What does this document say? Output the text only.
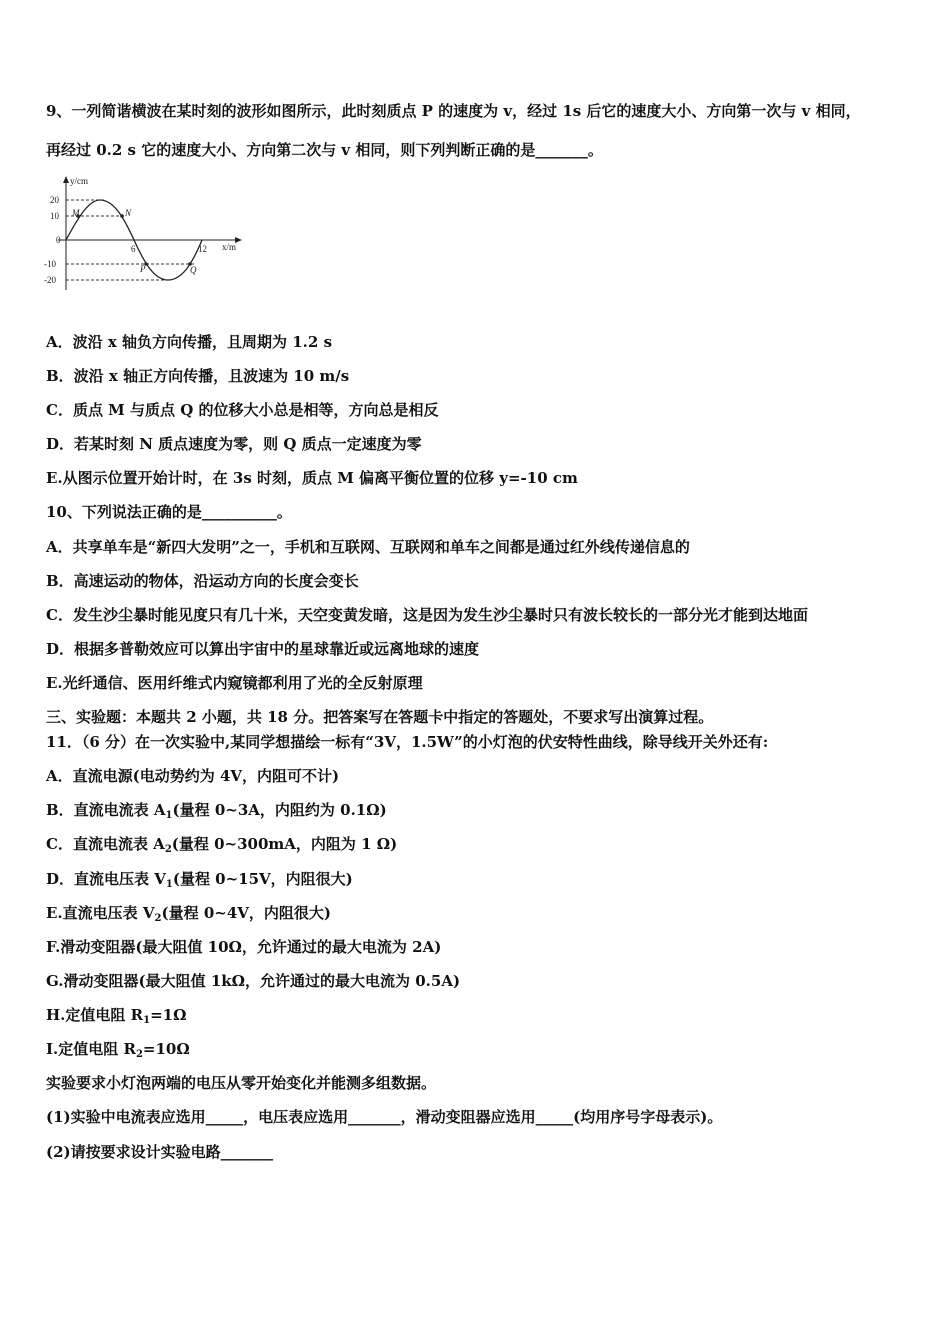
9、一列简谐横波在某时刻的波形如图所示，此时刻质点 P 的速度为 v，经过 1s 后它的速度大小、方向第一次与 v 相同，
再经过 0.2 s 它的速度大小、方向第二次与 v 相同，则下列判断正确的是_______。
y/cm
x/m
20
10
0
-10
-20
6	12
M	N
P	Q
A．波沿 x 轴负方向传播，且周期为 1.2 s
B．波沿 x 轴正方向传播，且波速为 10 m/s
C．质点 M 与质点 Q 的位移大小总是相等，方向总是相反
D．若某时刻 N 质点速度为零，则 Q 质点一定速度为零
E.从图示位置开始计时，在 3s 时刻，质点 M 偏离平衡位置的位移 y=-10 cm
10、下列说法正确的是__________。
A．共享单车是“新四大发明”之一，手机和互联网、互联网和单车之间都是通过红外线传递信息的
B．高速运动的物体，沿运动方向的长度会变长
C．发生沙尘暴时能见度只有几十米，天空变黄发暗，这是因为发生沙尘暴时只有波长较长的一部分光才能到达地面
D．根据多普勒效应可以算出宇宙中的星球靠近或远离地球的速度
E.光纤通信、医用纤维式内窥镜都利用了光的全反射原理
三、实验题：本题共 2 小题，共 18 分。把答案写在答题卡中指定的答题处，不要求写出演算过程。
11．（6 分）在一次实验中,某同学想描绘一标有“3V，1.5W”的小灯泡的伏安特性曲线，除导线开关外还有:
A．直流电源(电动势约为 4V，内阻可不计)
B．直流电流表 $A_1$(量程 0~3A，内阻约为 0.1Ω)
C．直流电流表 $A_2$(量程 0~300mA，内阻为 1 Ω)
D．直流电压表 $V_1$(量程 0~15V，内阻很大)
E.直流电压表 $V_2$(量程 0~4V，内阻很大)
F.滑动变阻器(最大阻值 10Ω，允许通过的最大电流为 2A)
G.滑动变阻器(最大阻值 1kΩ，允许通过的最大电流为 0.5A)
H.定值电阻 $R_1=1\Omega$
I.定值电阻 $R_2=10\Omega$
实验要求小灯泡两端的电压从零开始变化并能测多组数据。
(1)实验中电流表应选用_____，电压表应选用_______，滑动变阻器应选用_____(均用序号字母表示)。
(2)请按要求设计实验电路_______
